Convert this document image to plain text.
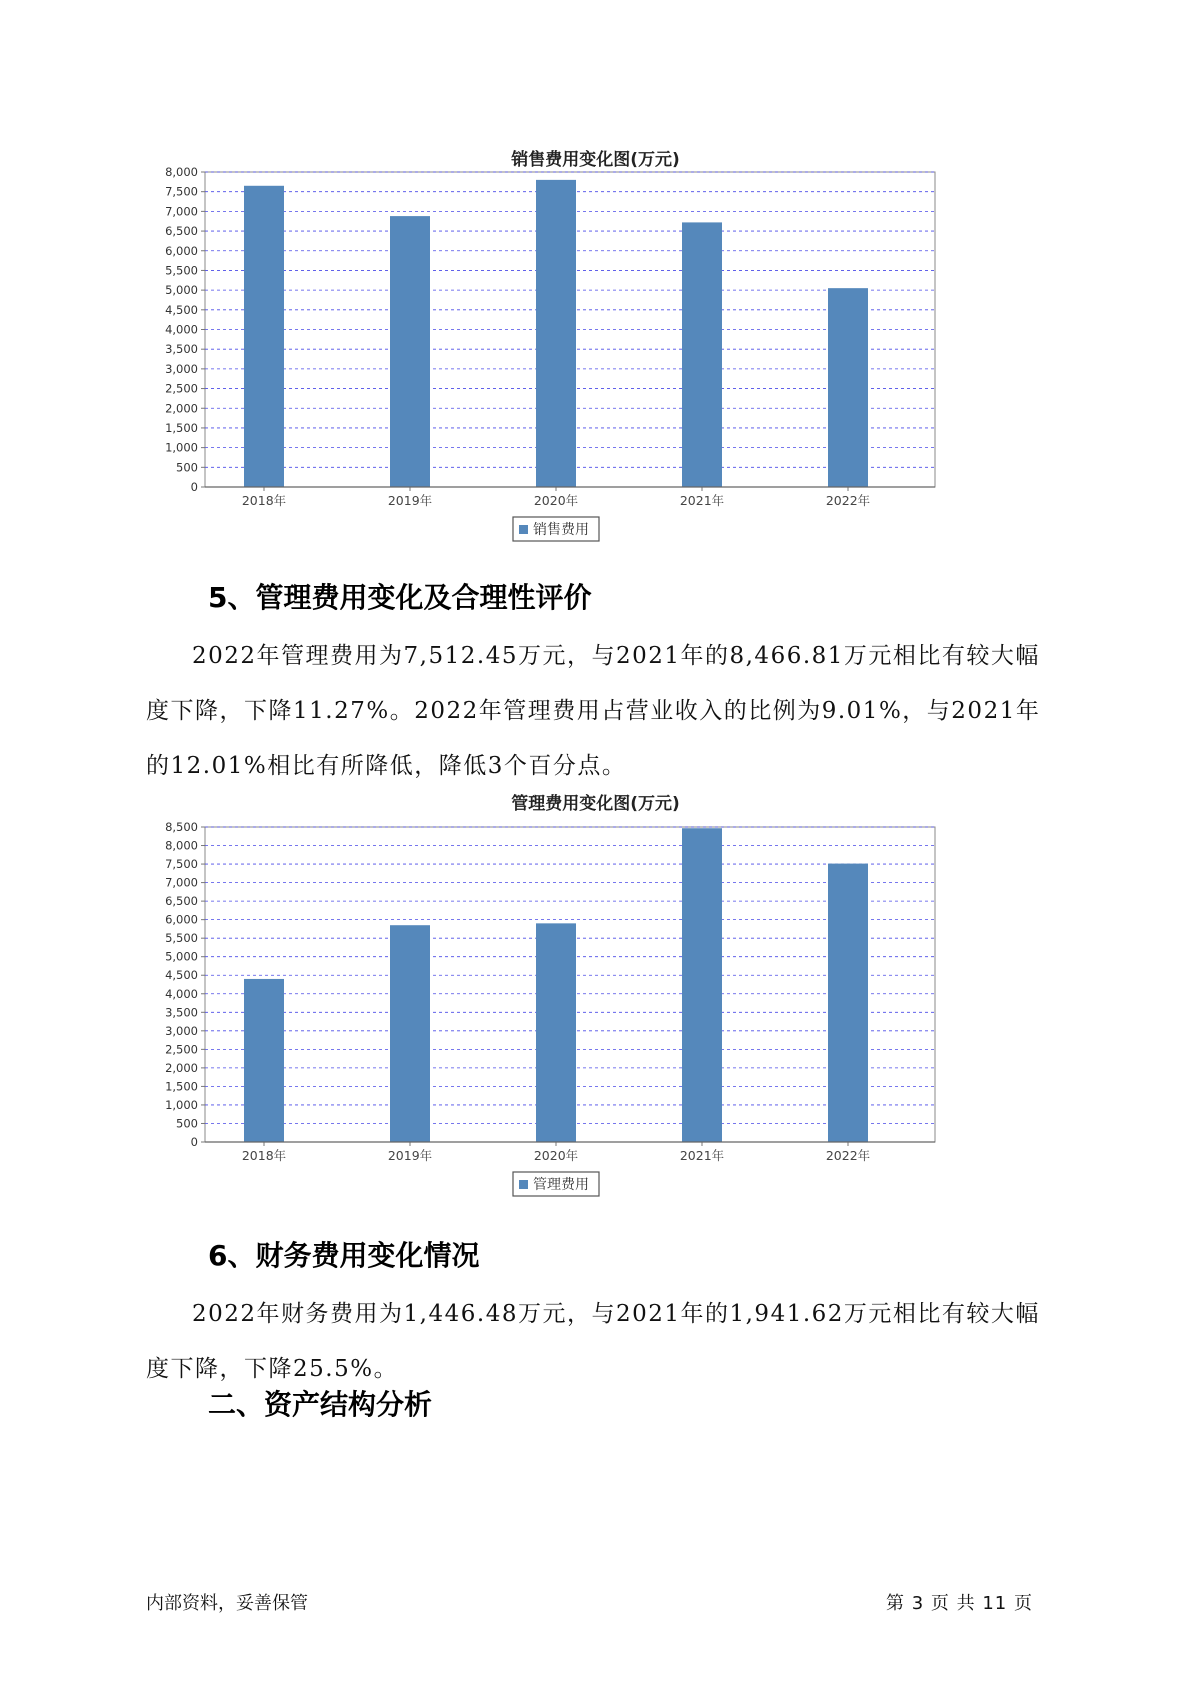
销售费用变化图(万元)
0
500
1,000
1,500
2,000
2,500
3,000
3,500
4,000
4,500
5,000
5,500
6,000
6,500
7,000
7,500
8,000
2018年	2019年	2020年	2021年	2022年
销售费用
5、管理费用变化及合理性评价

2022年管理费用为7,512.45万元，与2021年的8,466.81万元相比有较大幅度下降，下降11.27%。2022年管理费用占营业收入的比例为9.01%，与2021年的12.01%相比有所降低，降低3个百分点。

管理费用变化图(万元)
0
500
1,000
1,500
2,000
2,500
3,000
3,500
4,000
4,500
5,000
5,500
6,000
6,500
7,000
7,500
8,000
8,500
2018年	2019年	2020年	2021年	2022年
管理费用
6、财务费用变化情况

2022年财务费用为1,446.48万元，与2021年的1,941.62万元相比有较大幅度下降，下降25.5%。

二、资产结构分析
内部资料，妥善保管	第 3 页 共 11 页
